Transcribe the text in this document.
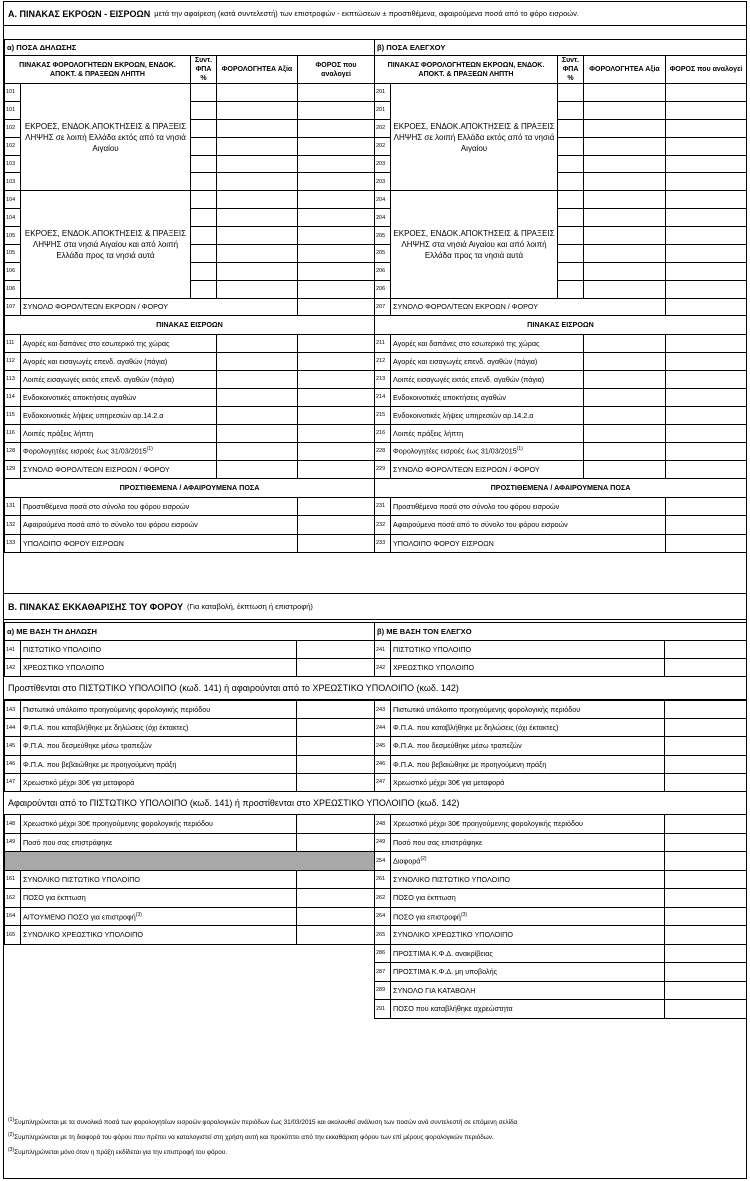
A. ΠΙΝΑΚΑΣ ΕΚΡΟΩΝ - ΕΙΣΡΟΩΝ μετά την αφαίρεση (κατά συντελεστή) των επιστροφών - εκπτώσεων ± προστιθέμενα, αφαιρούμενα ποσά από το φόρο εισροών.
α) ΠΟΣΑ ΔΗΛΩΣΗΣ				
ΠΙΝΑΚΑΣ ΦΟΡΟΛΟΓΗΤΕΩΝ ΕΚΡΟΩΝ, ΕΝΔΟΚ. ΑΠΟΚΤ. & ΠΡΑΞΕΩΝ ΛΗΠΤΗ		Συντ. ΦΠΑ %	ΦΟΡΟΛΟΓΗΤΕΑ Αξία	ΦΟΡΟΣ που αναλογεί
101	ΕΚΡΟΕΣ, ΕΝΔΟΚ.ΑΠΟΚΤΗΣΕΙΣ & ΠΡΑΞΕΙΣ ΛΗΨΗΣ σε λοιπή Ελλάδα εκτός από τα νησιά Αιγαίου			
101				
102				
102				
103				
103				
104	ΕΚΡΟΕΣ, ΕΝΔΟΚ.ΑΠΟΚΤΗΣΕΙΣ & ΠΡΑΞΕΙΣ ΛΗΨΗΣ στα νησιά Αιγαίου και από λοιπή Ελλάδα προς τα νησιά αυτά			
104				
105				
105				
106				
106				
107	ΣΥΝΟΛΟ ΦΟΡΟΛ/ΤΕΩΝ ΕΚΡΟΩΝ / ΦΟΡΟΥ			
ΠΙΝΑΚΑΣ ΕΙΣΡΟΩΝ				
111	Αγορές και δαπάνες στο εσωτερικό της χώρας			
112	Αγορές και εισαγωγές επενδ. αγαθών (πάγια)			
113	Λοιπές εισαγωγές εκτός επενδ. αγαθών (πάγια)			
114	Ενδοκοινοτικές αποκτήσεις αγαθών			
115	Ενδοκοινοτικές λήψεις υπηρεσιών αρ.14.2.α			
116	Λοιπές πράξεις λήπτη			
128	Φορολογητέες εισροές έως 31/03/2015$^{(1)}$		
129	ΣΥΝΟΛΟ ΦΟΡΟΛ/ΤΕΩΝ ΕΙΣΡΟΩΝ / ΦΟΡΟΥ			
ΠΡΟΣΤΙΘΕΜΕΝΑ / ΑΦΑΙΡΟΥΜΕΝΑ ΠΟΣΑ				
131	Προστιθέμενα ποσά στο σύνολο του φόρου εισροών			
132	Αφαιρούμενα ποσά από το σύνολο του φόρου εισροών			
133	ΥΠΟΛΟΙΠΟ ΦΟΡΟΥ ΕΙΣΡΟΩΝ			
β) ΠΟΣΑ ΕΛΕΓΧΟΥ				
ΠΙΝΑΚΑΣ ΦΟΡΟΛΟΓΗΤΕΩΝ ΕΚΡΟΩΝ, ΕΝΔΟΚ. ΑΠΟΚΤ. & ΠΡΑΞΕΩΝ ΛΗΠΤΗ		Συντ. ΦΠΑ %	ΦΟΡΟΛΟΓΗΤΕΑ Αξία	ΦΟΡΟΣ που αναλογεί
201	ΕΚΡΟΕΣ, ΕΝΔΟΚ.ΑΠΟΚΤΗΣΕΙΣ & ΠΡΑΞΕΙΣ ΛΗΨΗΣ σε λοιπή Ελλάδα εκτός από τα νησιά Αιγαίου			
201				
202				
202				
203				
203				
204	ΕΚΡΟΕΣ, ΕΝΔΟΚ.ΑΠΟΚΤΗΣΕΙΣ & ΠΡΑΞΕΙΣ ΛΗΨΗΣ στα νησιά Αιγαίου και από λοιπή Ελλάδα προς τα νησιά αυτά			
204				
205				
205				
206				
206				
207	ΣΥΝΟΛΟ ΦΟΡΟΛ/ΤΕΩΝ ΕΚΡΟΩΝ / ΦΟΡΟΥ			
ΠΙΝΑΚΑΣ ΕΙΣΡΟΩΝ				
211	Αγορές και δαπάνες στο εσωτερικό της χώρας			
212	Αγορές και εισαγωγές επενδ. αγαθών (πάγια)			
213	Λοιπές εισαγωγές εκτός επενδ. αγαθών (πάγια)			
214	Ενδοκοινοτικές αποκτήσεις αγαθών			
215	Ενδοκοινοτικές λήψεις υπηρεσιών αρ.14.2.α			
216	Λοιπές πράξεις λήπτη			
228	Φορολογητέες εισροές έως 31/03/2015$^{(1)}$		
229	ΣΥΝΟΛΟ ΦΟΡΟΛ/ΤΕΩΝ ΕΙΣΡΟΩΝ / ΦΟΡΟΥ			
ΠΡΟΣΤΙΘΕΜΕΝΑ / ΑΦΑΙΡΟΥΜΕΝΑ ΠΟΣΑ				
231	Προστιθέμενα ποσά στο σύνολο του φόρου εισροών			
232	Αφαιρούμενα ποσά από το σύνολο του φόρου εισροών			
233	ΥΠΟΛΟΙΠΟ ΦΟΡΟΥ ΕΙΣΡΟΩΝ			
Β. ΠΙΝΑΚΑΣ ΕΚΚΑΘΑΡΙΣΗΣ ΤΟΥ ΦΟΡΟΥ (Για καταβολή, έκπτωση ή επιστροφή)
α) ΜΕ ΒΑΣΗ ΤΗ ΔΗΛΩΣΗ		
141	ΠΙΣΤΩΤΙΚΟ ΥΠΟΛΟΙΠΟ	
142	ΧΡΕΩΣΤΙΚΟ ΥΠΟΛΟΙΠΟ	
β) ΜΕ ΒΑΣΗ ΤΟΝ ΕΛΕΓΧΟ		
241	ΠΙΣΤΩΤΙΚΟ ΥΠΟΛΟΙΠΟ	
242	ΧΡΕΩΣΤΙΚΟ ΥΠΟΛΟΙΠΟ	
Προστίθενται στο ΠΙΣΤΩΤΙΚΟ ΥΠΟΛΟΙΠΟ (κωδ. 141) ή αφαιρούνται από το ΧΡΕΩΣΤΙΚΟ ΥΠΟΛΟΙΠΟ (κωδ. 142)
143	Πιστωτικό υπόλοιπο προηγούμενης φορολογικής περιόδου	
144	Φ.Π.Α. που καταβλήθηκε με δηλώσεις (όχι έκτακτες)	
145	Φ.Π.Α. που δεσμεύθηκε μέσω τραπεζών	
146	Φ.Π.Α. που βεβαιώθηκε με προηγούμενη πράξη	
147	Χρεωστικό μέχρι 30€ για μεταφορά	
243	Πιστωτικό υπόλοιπο προηγούμενης φορολογικής περιόδου	
244	Φ.Π.Α. που καταβλήθηκε με δηλώσεις (όχι έκτακτες)	
245	Φ.Π.Α. που δεσμεύθηκε μέσω τραπεζών	
246	Φ.Π.Α. που βεβαιώθηκε με προηγούμενη πράξη	
247	Χρεωστικό μέχρι 30€ για μεταφορά	
Αφαιρούνται από το ΠΙΣΤΩΤΙΚΟ ΥΠΟΛΟΙΠΟ (κωδ. 141) ή προστίθενται στο ΧΡΕΩΣΤΙΚΟ ΥΠΟΛΟΙΠΟ (κωδ. 142)
148	Χρεωστικό μέχρι 30€ προηγούμενης φορολογικής περιόδου	
149	Ποσό που σας επιστράφηκε	

161	ΣΥΝΟΛΙΚΟ ΠΙΣΤΩΤΙΚΟ ΥΠΟΛΟΙΠΟ	
162	ΠΟΣΟ για έκπτωση	
164	ΑΙΤΟΥΜΕΝΟ ΠΟΣΟ για επιστροφή$^{(3)}$	
165	ΣΥΝΟΛΙΚΟ ΧΡΕΩΣΤΙΚΟ ΥΠΟΛΟΙΠΟ	
248	Χρεωστικό μέχρι 30€ προηγούμενης φορολογικής περιόδου	
249	Ποσό που σας επιστράφηκε	
254	Διαφορά$^{(2)}$	
261	ΣΥΝΟΛΙΚΟ ΠΙΣΤΩΤΙΚΟ ΥΠΟΛΟΙΠΟ	
262	ΠΟΣΟ για έκπτωση	
264	ΠΟΣΟ για επιστροφή$^{(3)}$	
265	ΣΥΝΟΛΙΚΟ ΧΡΕΩΣΤΙΚΟ ΥΠΟΛΟΙΠΟ	
286	ΠΡΟΣΤΙΜΑ Κ.Φ.Δ. ανακρίβειας	
287	ΠΡΟΣΤΙΜΑ Κ.Φ.Δ. μη υποβολής	
289	ΣΥΝΟΛΟ ΓΙΑ ΚΑΤΑΒΟΛΗ	
291	ΠΟΣΟ που καταβλήθηκε αχρεώστητα	
$^{(1)}$Συμπληρώνεται με τα συνολικά ποσά των φορολογητέων εισροών φορολογικών περιόδων έως 31/03/2015 και ακολουθεί ανάλυση των ποσών ανά συντελεστή σε επόμενη σελίδα
$^{(2)}$Συμπληρώνεται με τη διαφορά του φόρου που πρέπει να καταλογιστεί στη χρήση αυτή και προκύπτει από την εκκαθάριση φόρου των επί μέρους φορολογικών περιόδων.
$^{(3)}$Συμπληρώνεται μόνο όταν η πράξη εκδίδεται για την επιστροφή του φόρου.
